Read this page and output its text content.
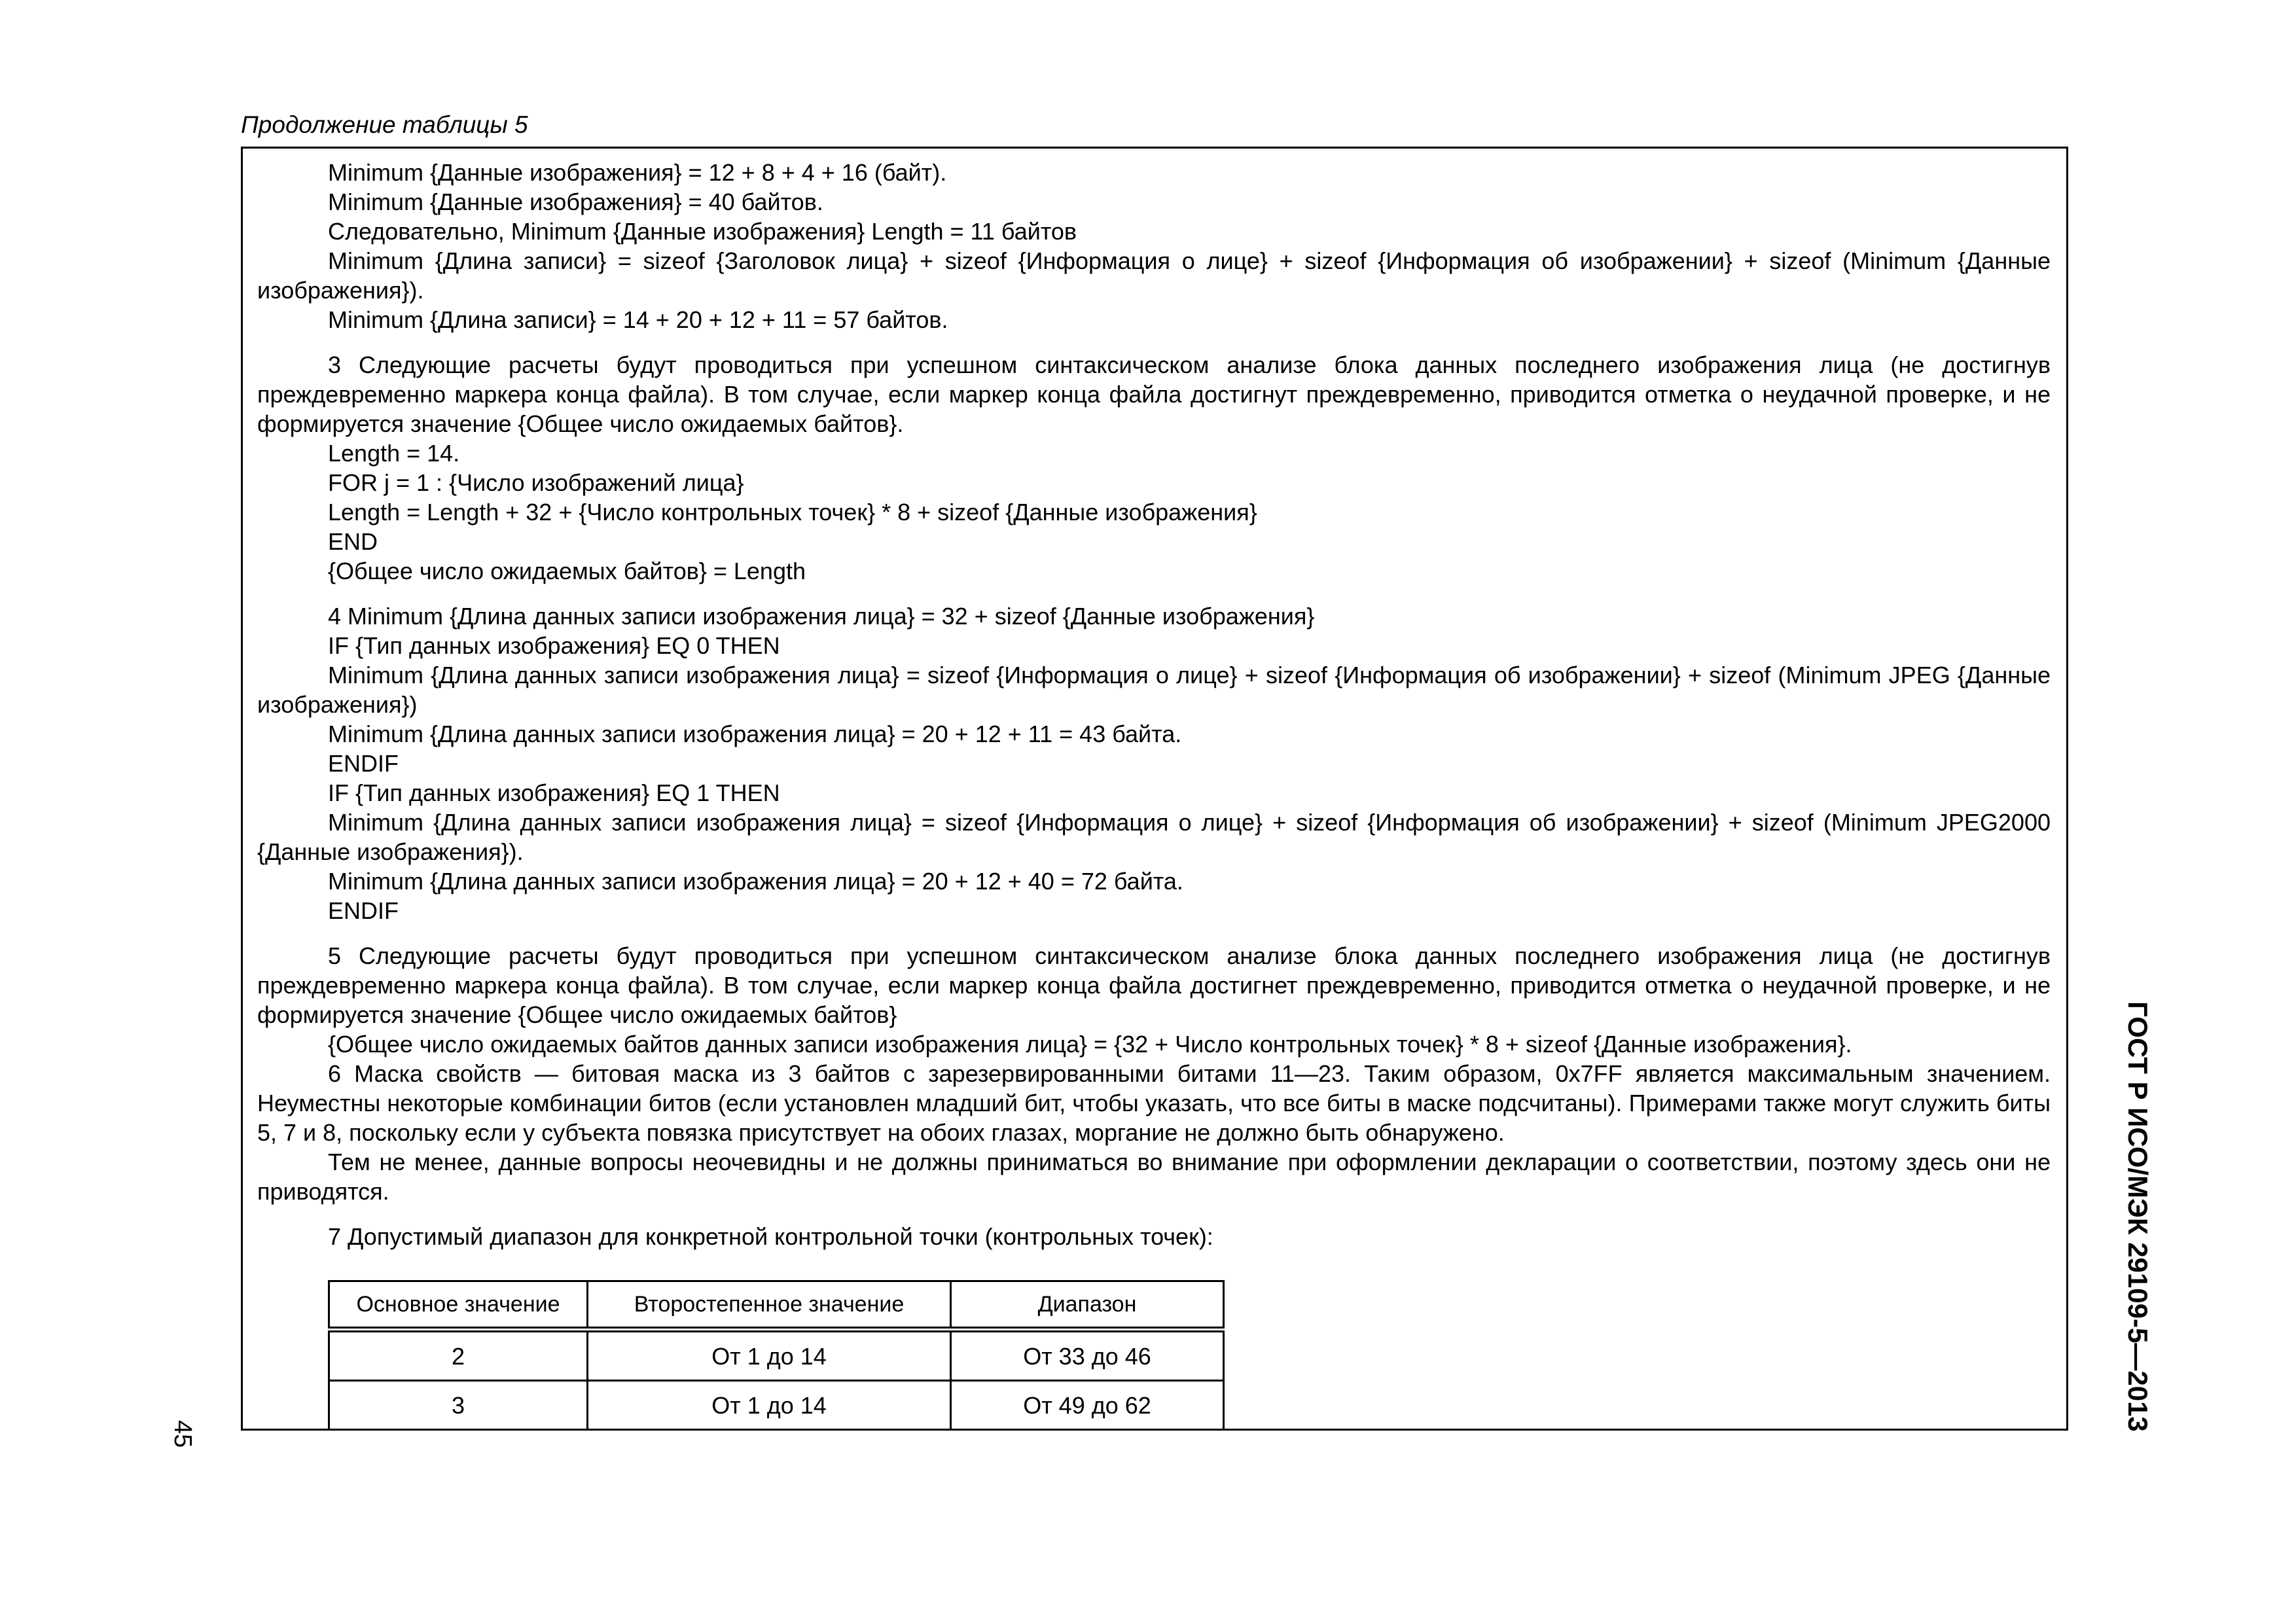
Продолжение таблицы 5

Minimum {Данные изображения} = 12 + 8 + 4 + 16 (байт).

Minimum {Данные изображения} = 40 байтов.

Следовательно, Minimum {Данные изображения} Length = 11 байтов

Minimum {Длина записи} = sizeof {Заголовок лица} + sizeof {Информация о лице} + sizeof {Информация об изображении} + sizeof (Minimum {Данные изображения}).

Minimum {Длина записи} = 14 + 20 + 12 + 11 = 57 байтов.

3 Следующие расчеты будут проводиться при успешном синтаксическом анализе блока данных последнего изображения лица (не достигнув преждевременно маркера конца файла). В том случае, если маркер конца файла достигнут преждевременно, приводится отметка о неудачной проверке, и не формируется значение {Общее число ожидаемых байтов}.

Length = 14.

FOR j = 1 : {Число изображений лица}

Length = Length + 32 + {Число контрольных точек} * 8 + sizeof {Данные изображения}

END

{Общее число ожидаемых байтов} = Length

4 Minimum {Длина данных записи изображения лица} = 32 + sizeof {Данные изображения}

IF {Тип данных изображения} EQ 0 THEN

Minimum {Длина данных записи изображения лица} = sizeof {Информация о лице} + sizeof {Информация об изображении} + sizeof (Minimum JPEG {Данные изображения})

Minimum {Длина данных записи изображения лица} = 20 + 12 + 11 = 43 байта.

ENDIF

IF {Тип данных изображения} EQ 1 THEN

Minimum {Длина данных записи изображения лица} = sizeof {Информация о лице} + sizeof {Информация об изображении} + sizeof (Minimum JPEG2000 {Данные изображения}).

Minimum {Длина данных записи изображения лица} = 20 + 12 + 40 = 72 байта.

ENDIF

5 Следующие расчеты будут проводиться при успешном синтаксическом анализе блока данных последнего изображения лица (не достигнув преждевременно маркера конца файла). В том случае, если маркер конца файла достигнет преждевременно, приводится отметка о неудачной проверке, и не формируется значение {Общее число ожидаемых байтов}

{Общее число ожидаемых байтов данных записи изображения лица} = {32 + Число контрольных точек} * 8 + sizeof {Данные изображения}.

6 Маска свойств — битовая маска из 3 байтов с зарезервированными битами 11—23. Таким образом, 0x7FF является максимальным значением. Неуместны некоторые комбинации битов (если установлен младший бит, чтобы указать, что все биты в маске подсчитаны). Примерами также могут служить биты 5, 7 и 8, поскольку если у субъекта повязка присутствует на обоих глазах, моргание не должно быть обнаружено.

Тем не менее, данные вопросы неочевидны и не должны приниматься во внимание при оформлении декларации о соответствии, поэтому здесь они не приводятся.

7 Допустимый диапазон для конкретной контрольной точки (контрольных точек):

Основное значение	Второстепенное значение	Диапазон
2	От 1 до 14	От 33 до 46
3	От 1 до 14	От 49 до 62
45
ГОСТ Р ИСО/МЭК 29109-5—2013
